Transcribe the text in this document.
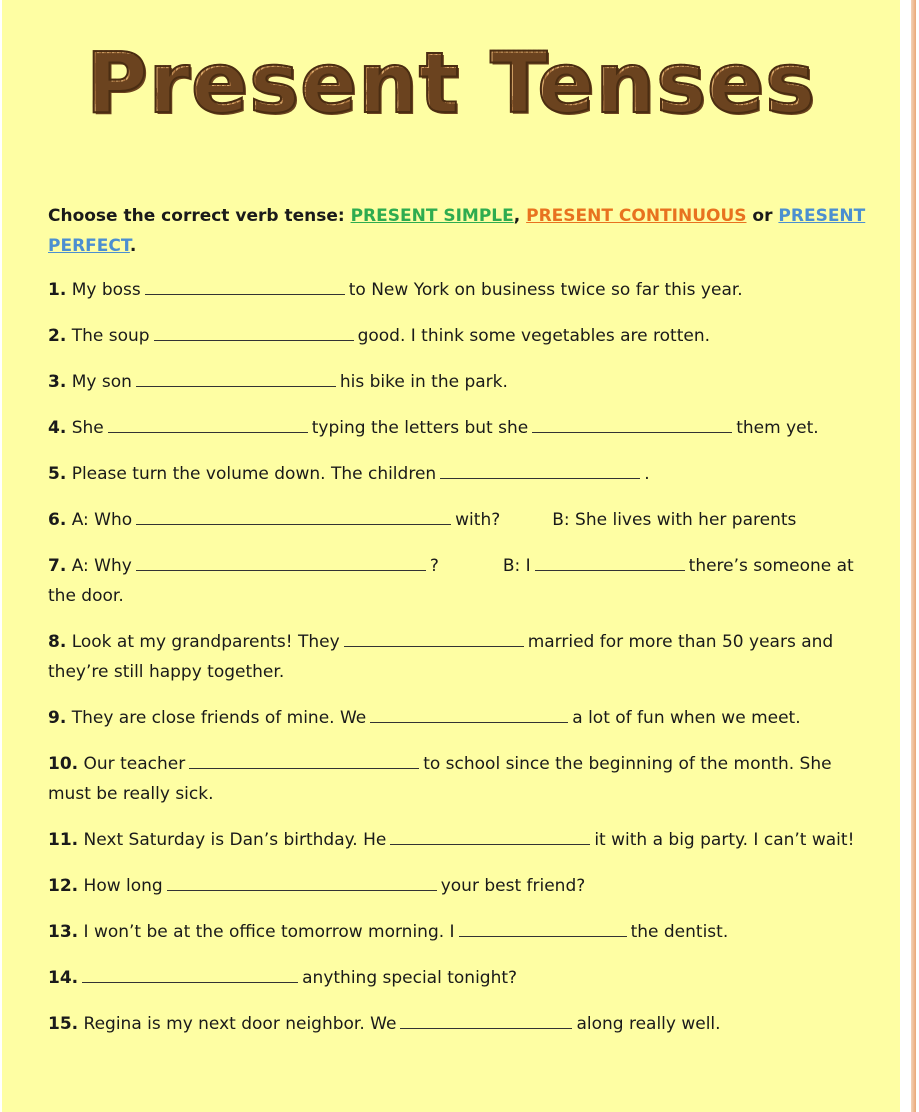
Present Tenses

Choose the correct verb tense: PRESENT SIMPLE, PRESENT CONTINUOUS or PRESENT PERFECT.

1. My boss	to New York on business twice so far this year.

2. The soup	good. I think some vegetables are rotten.

3. My son	his bike in the park.

4. She	typing the letters but she	them yet.

5. Please turn the volume down. The children	.

6. A: Who	with?	B: She lives with her parents

7. A: Why	?	B: I	there’s someone at the door.

8. Look at my grandparents! They	married for more than 50 years and they’re still happy together.

9. They are close friends of mine. We	a lot of fun when we meet.

10. Our teacher	to school since the beginning of the month. She must be really sick.

11. Next Saturday is Dan’s birthday. He	it with a big party. I can’t wait!

12. How long	your best friend?

13. I won’t be at the office tomorrow morning. I	the dentist.

14.	anything special tonight?

15. Regina is my next door neighbor. We	along really well.
